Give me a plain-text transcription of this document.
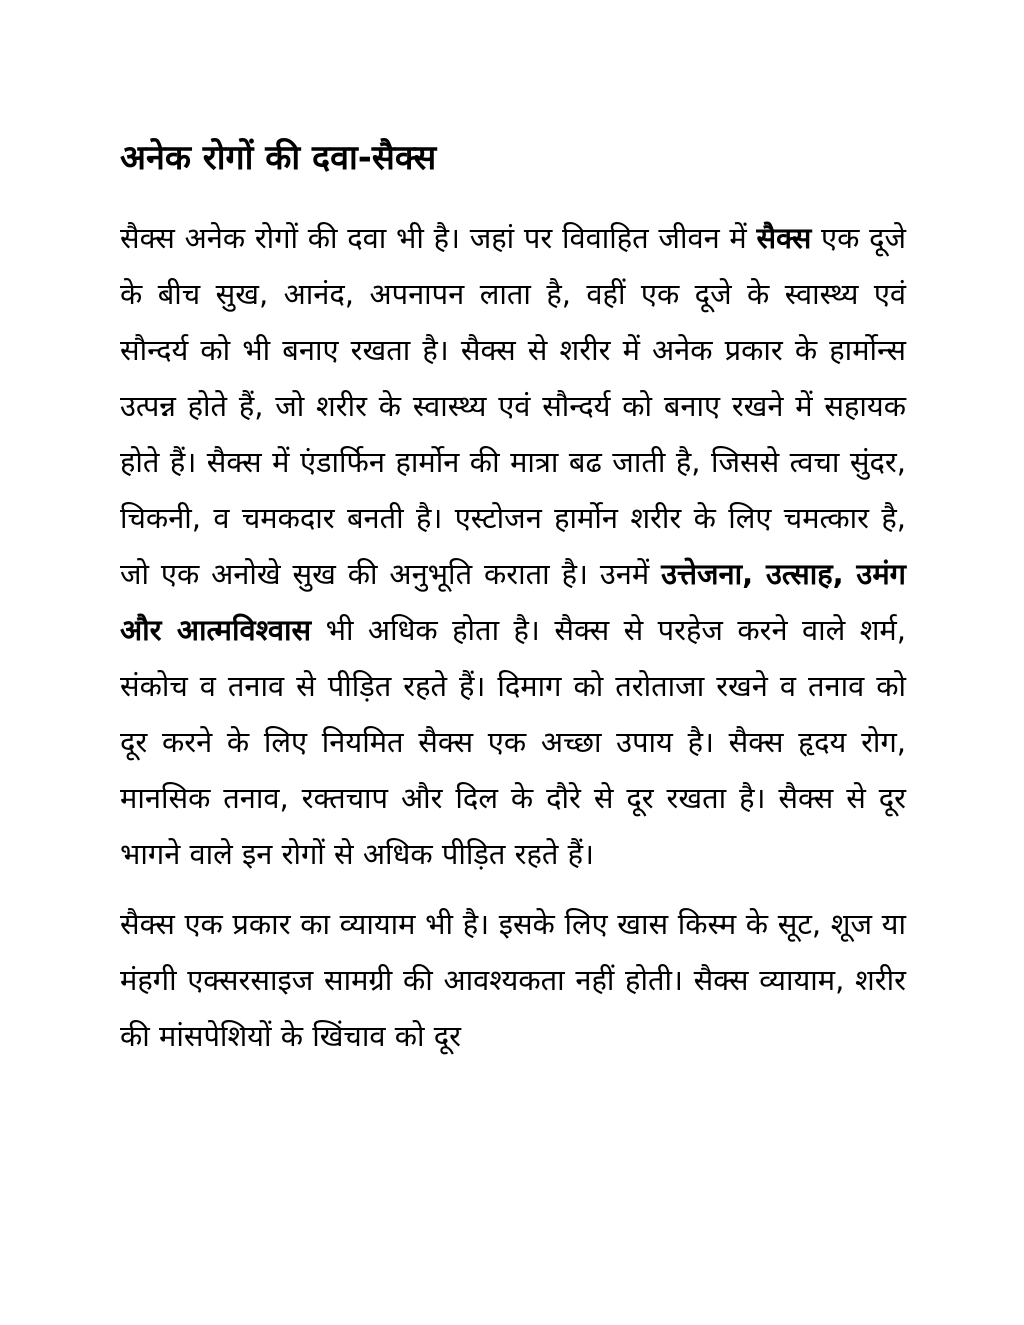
अनेक रोगों की दवा-सैक्स

सैक्स अनेक रोगों की दवा भी है। जहां पर विवाहित जीवन में सैक्स एक दूजे के बीच सुख, आनंद, अपनापन लाता है, वहीं एक दूजे के स्वास्थ्य एवं सौन्दर्य को भी बनाए रखता है। सैक्स से शरीर में अनेक प्रकार के हार्मोन्स उत्पन्न होते हैं, जो शरीर के स्वास्थ्य एवं सौन्दर्य को बनाए रखने में सहायक होते हैं। सैक्स में एंडार्फिन हार्मोन की मात्रा बढ जाती है, जिससे त्वचा सुंदर, चिकनी, व चमकदार बनती है। एस्टोजन हार्मोन शरीर के लिए चमत्कार है, जो एक अनोखे सुख की अनुभूति कराता है। उनमें उत्तेजना, उत्साह, उमंग और आत्मविश्वास भी अधिक होता है। सैक्स से परहेज करने वाले शर्म, संकोच व तनाव से पीड़ित रहते हैं। दिमाग को तरोताजा रखने व तनाव को दूर करने के लिए नियमित सैक्स एक अच्छा उपाय है। सैक्स हृदय रोग, मानसिक तनाव, रक्तचाप और दिल के दौरे से दूर रखता है। सैक्स से दूर भागने वाले इन रोगों से अधिक पीड़ित रहते हैं।

सैक्स एक प्रकार का व्यायाम भी है। इसके लिए खास किस्म के सूट, शूज या मंहगी एक्सरसाइज सामग्री की आवश्यकता नहीं होती। सैक्स व्यायाम, शरीर की मांसपेशियों के खिंचाव को दूर
